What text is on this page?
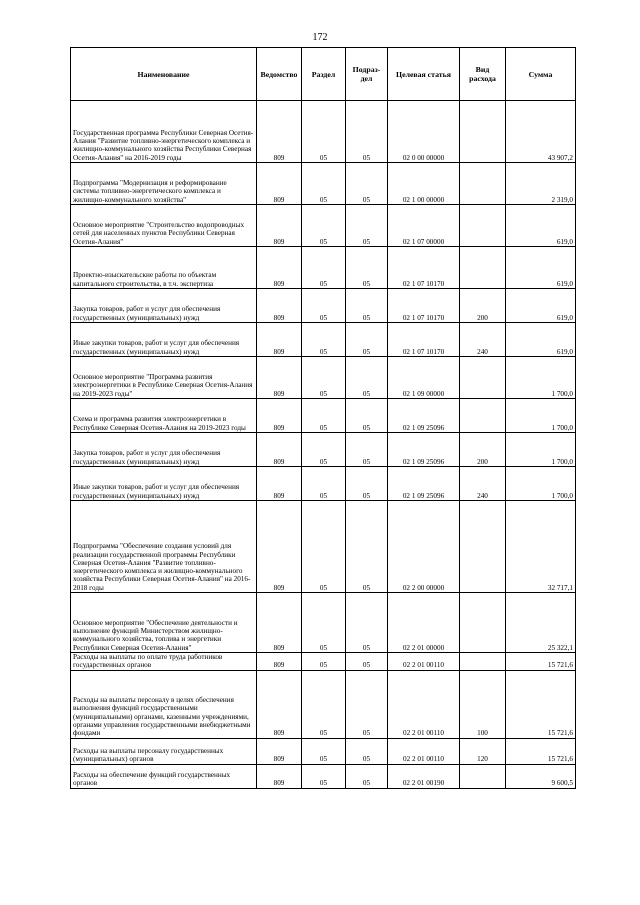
172
Наименование	Ведомство	Раздел	Подраз-дел	Целевая статья	Вид расхода	Сумма
Государственная программа Республики Северная Осетия-Алания "Развитие топливно-энергетического комплекса и жилищно-коммунального хозяйства Республики Северная Осетия-Алания" на 2016-2019 годы	809	05	05	02 0 00 00000		43 907,2
Подпрограмма "Модернизация и реформирование системы топливно-энергетического комплекса и жилищно-коммунального хозяйства"	809	05	05	02 1 00 00000		2 319,0
Основное мероприятие "Строительство водопроводных сетей для населенных пунктов Республики Северная Осетия-Алания"	809	05	05	02 1 07 00000		619,0
Проектно-изыскательские работы по объектам капитального строительства, в т.ч. экспертиза	809	05	05	02 1 07 10170		619,0
Закупка товаров, работ и услуг для обеспечения государственных (муниципальных) нужд	809	05	05	02 1 07 10170	200	619,0
Иные закупки товаров, работ и услуг для обеспечения государственных (муниципальных) нужд	809	05	05	02 1 07 10170	240	619,0
Основное мероприятие "Программа развития электроэнергетики в Республике Северная Осетия-Алания на 2019-2023 годы"	809	05	05	02 1 09 00000		1 700,0
Схема и программа развития электроэнергетики в Республике Северная Осетия-Алания на 2019-2023 годы	809	05	05	02 1 09 25096		1 700,0
Закупка товаров, работ и услуг для обеспечения государственных (муниципальных) нужд	809	05	05	02 1 09 25096	200	1 700,0
Иные закупки товаров, работ и услуг для обеспечения государственных (муниципальных) нужд	809	05	05	02 1 09 25096	240	1 700,0
Подпрограмма "Обеспечение создания условий для реализации государственной программы Республики Северная Осетия-Алания "Развитие топливно-энергетического комплекса и жилищно-коммунального хозяйства Республики Северная Осетия-Алания" на 2016-2018 годы	809	05	05	02 2 00 00000		32 717,1
Основное мероприятие "Обеспечение деятельности и выполнение функций Министерством жилищно-коммунального хозяйства, топлива и энергетики Республики Северная Осетия-Алания"	809	05	05	02 2 01 00000		25 322,1
Расходы на выплаты по оплате труда работников государственных органов	809	05	05	02 2 01 00110		15 721,6
Расходы на выплаты персоналу в целях обеспечения выполнения функций государственными (муниципальными) органами, казенными учреждениями, органами управления государственными внебюджетными фондами	809	05	05	02 2 01 00110	100	15 721,6
Расходы на выплаты персоналу государственных (муниципальных) органов	809	05	05	02 2 01 00110	120	15 721,6
Расходы на обеспечение функций государственных органов	809	05	05	02 2 01 00190		9 600,5
